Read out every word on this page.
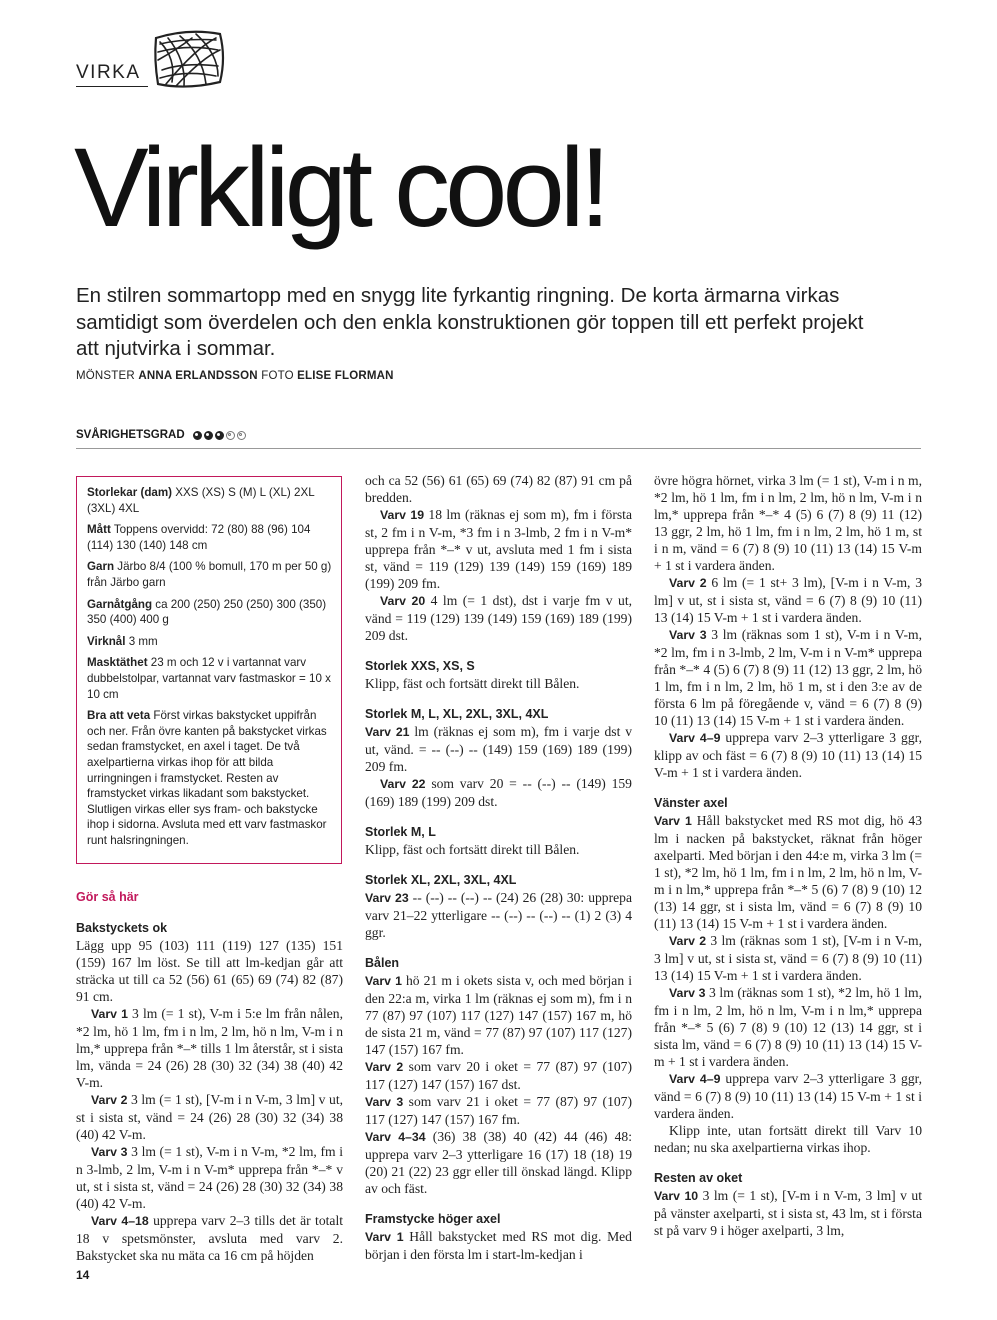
VIRKA
Virkligt cool!
En stilren sommartopp med en snygg lite fyrkantig ringning. De korta ärmarna virkas samtidigt som överdelen och den enkla konstruktionen gör toppen till ett perfekt projekt att njutvirka i sommar.
MÖNSTER ANNA ERLANDSSON FOTO ELISE FLORMAN
SVÅRIGHETSGRAD

Storlekar (dam) XXS (XS) S (M) L (XL) 2XL (3XL) 4XL

Mått Toppens overvidd: 72 (80) 88 (96) 104 (114) 130 (140) 148 cm

Garn Järbo 8/4 (100 % bomull, 170 m per 50 g) från Järbo garn

Garnåtgång ca 200 (250) 250 (250) 300 (350) 350 (400) 400 g

Virknål 3 mm

Masktäthet 23 m och 12 v i vartannat varv dubbelstolpar, vartannat varv fastmaskor = 10 x 10 cm

Bra att veta Först virkas bakstycket uppifrån och ner. Från övre kanten på bakstycket virkas sedan framstycket, en axel i taget. De två axelpartierna virkas ihop för att bilda urringningen i framstycket. Resten av framstycket virkas likadant som bakstycket. Slutligen virkas eller sys fram- och bakstycke ihop i sidorna. Avsluta med ett varv fastmaskor runt halsringningen.

Gör så här

Bakstyckets ok

Lägg upp 95 (103) 111 (119) 127 (135) 151 (159) 167 lm löst. Se till att lm-kedjan går att sträcka ut till ca 52 (56) 61 (65) 69 (74) 82 (87) 91 cm.

Varv 1 3 lm (= 1 st), V-m i 5:e lm från nålen, *2 lm, hö 1 lm, fm i n lm, 2 lm, hö n lm, V-m i n lm,* upprepa från *–* tills 1 lm återstår, st i sista lm, vända = 24 (26) 28 (30) 32 (34) 38 (40) 42 V-m.

Varv 2 3 lm (= 1 st), [V-m i n V-m, 3 lm] v ut, st i sista st, vänd = 24 (26) 28 (30) 32 (34) 38 (40) 42 V-m.

Varv 3 3 lm (= 1 st), V-m i n V-m, *2 lm, fm i n 3-lmb, 2 lm, V-m i n V-m* upprepa från *–* v ut, st i sista st, vänd = 24 (26) 28 (30) 32 (34) 38 (40) 42 V-m.

Varv 4–18 upprepa varv 2–3 tills det är totalt 18 v spetsmönster, avsluta med varv 2. Bakstycket ska nu mäta ca 16 cm på höjden

och ca 52 (56) 61 (65) 69 (74) 82 (87) 91 cm på bredden.

Varv 19 18 lm (räknas ej som m), fm i första st, 2 fm i n V-m, *3 fm i n 3-lmb, 2 fm i n V-m* upprepa från *–* v ut, avsluta med 1 fm i sista st, vänd = 119 (129) 139 (149) 159 (169) 189 (199) 209 fm.

Varv 20 4 lm (= 1 dst), dst i varje fm v ut, vänd = 119 (129) 139 (149) 159 (169) 189 (199) 209 dst.

Storlek XXS, XS, S

Klipp, fäst och fortsätt direkt till Bålen.

Storlek M, L, XL, 2XL, 3XL, 4XL

Varv 21 lm (räknas ej som m), fm i varje dst v ut, vänd. = -- (--) -- (149) 159 (169) 189 (199) 209 fm.

Varv 22 som varv 20 = -- (--) -- (149) 159 (169) 189 (199) 209 dst.

Storlek M, L

Klipp, fäst och fortsätt direkt till Bålen.

Storlek XL, 2XL, 3XL, 4XL

Varv 23 -- (--) -- (--) -- (24) 26 (28) 30: upprepa varv 21–22 ytterligare -- (--) -- (--) -- (1) 2 (3) 4 ggr.

Bålen

Varv 1 hö 21 m i okets sista v, och med början i den 22:a m, virka 1 lm (räknas ej som m), fm i n 77 (87) 97 (107) 117 (127) 147 (157) 167 m, hö de sista 21 m, vänd = 77 (87) 97 (107) 117 (127) 147 (157) 167 fm.

Varv 2 som varv 20 i oket = 77 (87) 97 (107) 117 (127) 147 (157) 167 dst.

Varv 3 som varv 21 i oket = 77 (87) 97 (107) 117 (127) 147 (157) 167 fm.

Varv 4–34 (36) 38 (38) 40 (42) 44 (46) 48: upprepa varv 2–3 ytterligare 16 (17) 18 (18) 19 (20) 21 (22) 23 ggr eller till önskad längd. Klipp av och fäst.

Framstycke höger axel

Varv 1 Håll bakstycket med RS mot dig. Med början i den första lm i start-lm-kedjan i

övre högra hörnet, virka 3 lm (= 1 st), V-m i n m, *2 lm, hö 1 lm, fm i n lm, 2 lm, hö n lm, V-m i n lm,* upprepa från *–* 4 (5) 6 (7) 8 (9) 11 (12) 13 ggr, 2 lm, hö 1 lm, fm i n lm, 2 lm, hö 1 m, st i n m, vänd = 6 (7) 8 (9) 10 (11) 13 (14) 15 V-m + 1 st i vardera änden.

Varv 2 6 lm (= 1 st+ 3 lm), [V-m i n V-m, 3 lm] v ut, st i sista st, vänd = 6 (7) 8 (9) 10 (11) 13 (14) 15 V-m + 1 st i vardera änden.

Varv 3 3 lm (räknas som 1 st), V-m i n V-m, *2 lm, fm i n 3-lmb, 2 lm, V-m i n V-m* upprepa från *–* 4 (5) 6 (7) 8 (9) 11 (12) 13 ggr, 2 lm, hö 1 lm, fm i n lm, 2 lm, hö 1 m, st i den 3:e av de första 6 lm på föregående v, vänd = 6 (7) 8 (9) 10 (11) 13 (14) 15 V-m + 1 st i vardera änden.

Varv 4–9 upprepa varv 2–3 ytterligare 3 ggr, klipp av och fäst = 6 (7) 8 (9) 10 (11) 13 (14) 15 V-m + 1 st i vardera änden.

Vänster axel

Varv 1 Håll bakstycket med RS mot dig, hö 43 lm i nacken på bakstycket, räknat från höger axelparti. Med början i den 44:e m, virka 3 lm (= 1 st), *2 lm, hö 1 lm, fm i n lm, 2 lm, hö n lm, V-m i n lm,* upprepa från *–* 5 (6) 7 (8) 9 (10) 12 (13) 14 ggr, st i sista lm, vänd = 6 (7) 8 (9) 10 (11) 13 (14) 15 V-m + 1 st i vardera änden.

Varv 2 3 lm (räknas som 1 st), [V-m i n V-m, 3 lm] v ut, st i sista st, vänd = 6 (7) 8 (9) 10 (11) 13 (14) 15 V-m + 1 st i vardera änden.

Varv 3 3 lm (räknas som 1 st), *2 lm, hö 1 lm, fm i n lm, 2 lm, hö n lm, V-m i n lm,* upprepa från *–* 5 (6) 7 (8) 9 (10) 12 (13) 14 ggr, st i sista lm, vänd = 6 (7) 8 (9) 10 (11) 13 (14) 15 V-m + 1 st i vardera änden.

Varv 4–9 upprepa varv 2–3 ytterligare 3 ggr, vänd = 6 (7) 8 (9) 10 (11) 13 (14) 15 V-m + 1 st i vardera änden.

Klipp inte, utan fortsätt direkt till Varv 10 nedan; nu ska axelpartierna virkas ihop.

Resten av oket

Varv 10 3 lm (= 1 st), [V-m i n V-m, 3 lm] v ut på vänster axelparti, st i sista st, 43 lm, st i första st på varv 9 i höger axelparti, 3 lm,

14
